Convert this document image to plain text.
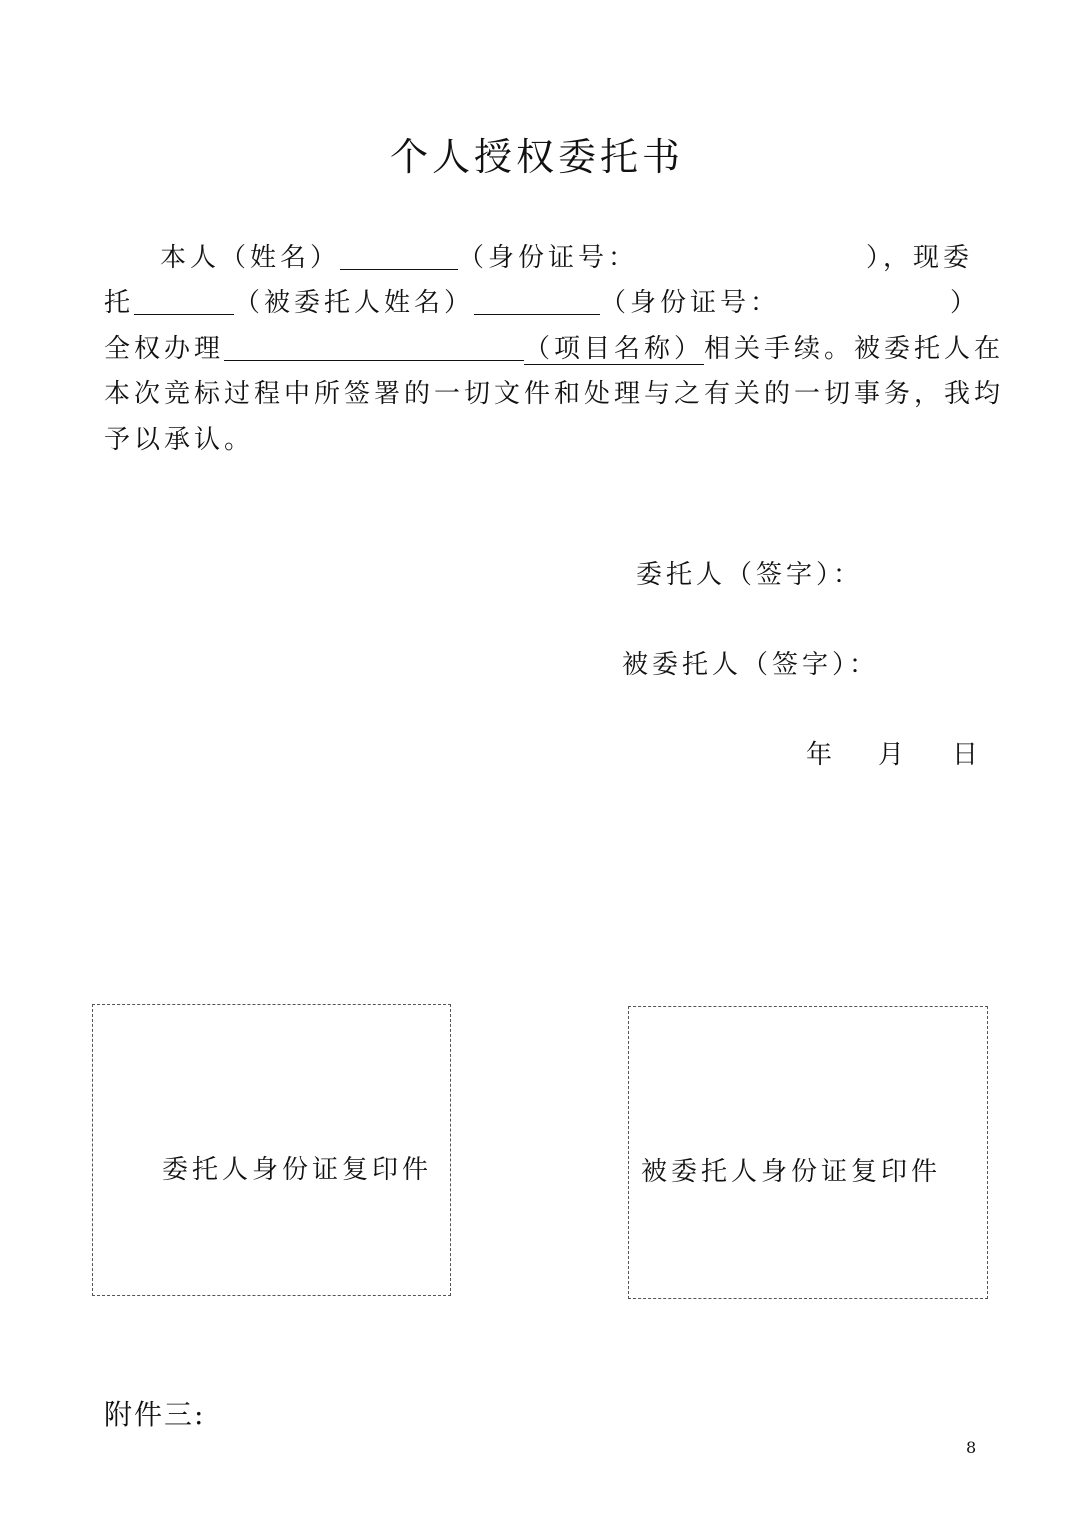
个人授权委托书
本人（姓名）	（身份证号：	），现委
托	（被委托人姓名）	（身份证号：	）
全权办理	（项目名称）相关手续。被委托人在
本次竞标过程中所签署的一切文件和处理与之有关的一切事务，我均
予以承认。
委托人（签字）：
被委托人（签字）：
年 月 日
委托人身份证复印件	被委托人身份证复印件
附件三:
8
